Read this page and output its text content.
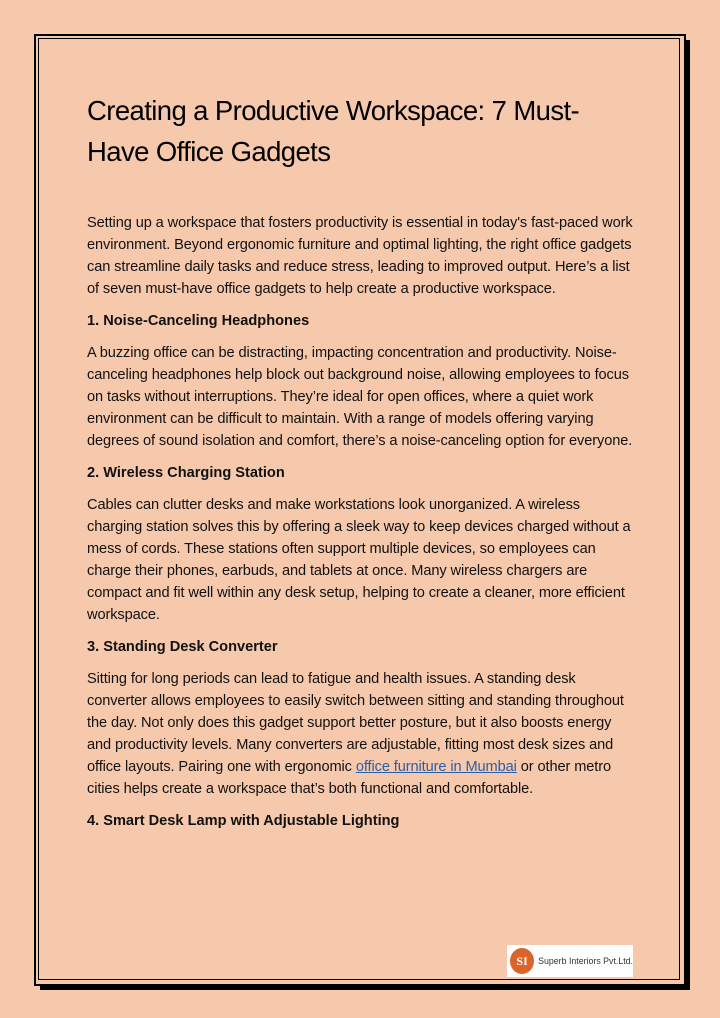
Creating a Productive Workspace: 7 Must-Have Office Gadgets

Setting up a workspace that fosters productivity is essential in today's fast-paced work environment. Beyond ergonomic furniture and optimal lighting, the right office gadgets can streamline daily tasks and reduce stress, leading to improved output. Here’s a list of seven must-have office gadgets to help create a productive workspace.

1. Noise-Canceling Headphones

A buzzing office can be distracting, impacting concentration and productivity. Noise-canceling headphones help block out background noise, allowing employees to focus on tasks without interruptions. They’re ideal for open offices, where a quiet work environment can be difficult to maintain. With a range of models offering varying degrees of sound isolation and comfort, there’s a noise-canceling option for everyone.

2. Wireless Charging Station

Cables can clutter desks and make workstations look unorganized. A wireless charging station solves this by offering a sleek way to keep devices charged without a mess of cords. These stations often support multiple devices, so employees can charge their phones, earbuds, and tablets at once. Many wireless chargers are compact and fit well within any desk setup, helping to create a cleaner, more efficient workspace.

3. Standing Desk Converter

Sitting for long periods can lead to fatigue and health issues. A standing desk converter allows employees to easily switch between sitting and standing throughout the day. Not only does this gadget support better posture, but it also boosts energy and productivity levels. Many converters are adjustable, fitting most desk sizes and office layouts. Pairing one with ergonomic office furniture in Mumbai or other metro cities helps create a workspace that’s both functional and comfortable.

4. Smart Desk Lamp with Adjustable Lighting
SI	Superb Interiors Pvt.Ltd.
